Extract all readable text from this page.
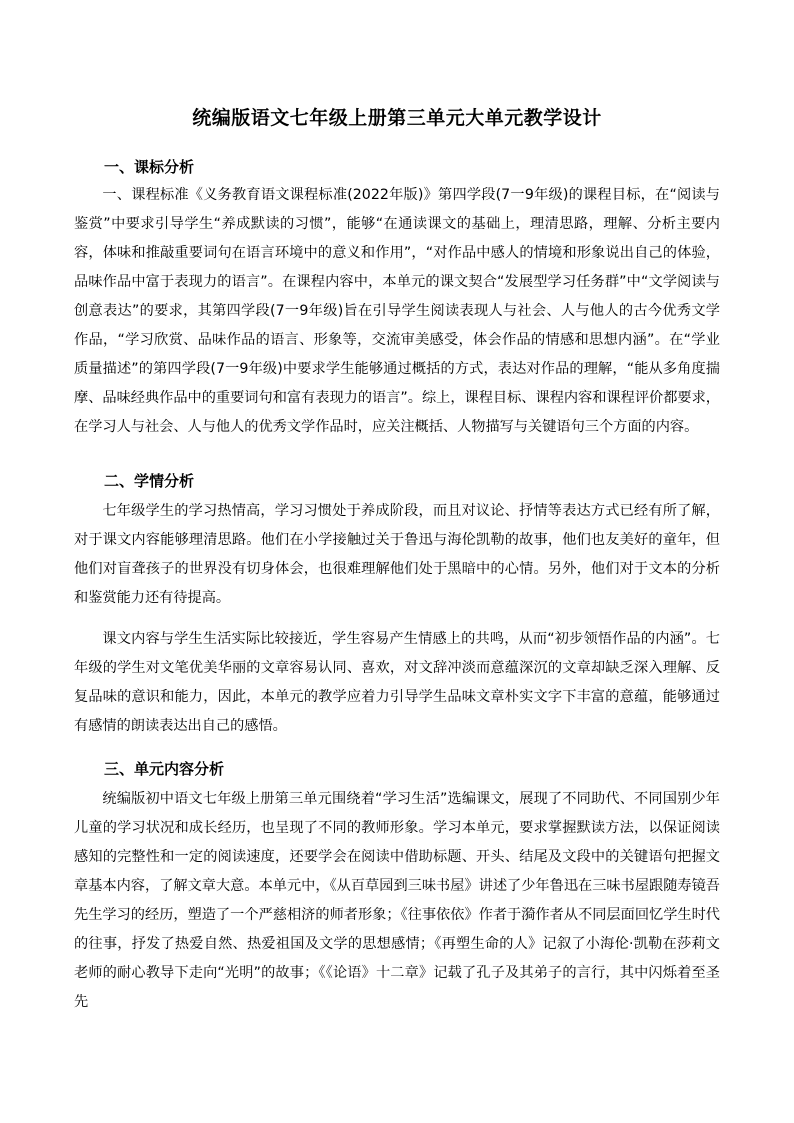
统编版语文七年级上册第三单元大单元教学设计
一、课标分析

一、课程标准《义务教育语文课程标准(2022年版)》第四学段(7一9年级)的课程目标，在“阅读与鉴赏”中要求引导学生“养成默读的习惯”，能够“在通读课文的基础上，理清思路，理解、分析主要内容，体味和推敲重要词句在语言环境中的意义和作用”，“对作品中感人的情境和形象说出自己的体验，品味作品中富于表现力的语言”。在课程内容中，本单元的课文契合“发展型学习任务群”中“文学阅读与创意表达”的要求，其第四学段(7一9年级)旨在引导学生阅读表现人与社会、人与他人的古今优秀文学作品，“学习欣赏、品味作品的语言、形象等，交流审美感受，体会作品的情感和思想内涵”。在“学业质量描述”的第四学段(7一9年级)中要求学生能够通过概括的方式，表达对作品的理解，“能从多角度揣摩、品味经典作品中的重要词句和富有表现力的语言”。综上，课程目标、课程内容和课程评价都要求，在学习人与社会、人与他人的优秀文学作品时，应关注概括、人物描写与关键语句三个方面的内容。

二、学情分析

七年级学生的学习热情高，学习习惯处于养成阶段，而且对议论、抒情等表达方式已经有所了解，对于课文内容能够理清思路。他们在小学接触过关于鲁迅与海伦凯勒的故事，他们也友美好的童年，但他们对盲聋孩子的世界没有切身体会，也很难理解他们处于黑暗中的心情。另外，他们对于文本的分析和鉴赏能力还有待提高。

课文内容与学生生活实际比较接近，学生容易产生情感上的共鸣，从而“初步领悟作品的内涵”。七年级的学生对文笔优美华丽的文章容易认同、喜欢，对文辞冲淡而意蕴深沉的文章却缺乏深入理解、反复品味的意识和能力，因此，本单元的教学应着力引导学生品味文章朴实文字下丰富的意蕴，能够通过有感情的朗读表达出自己的感悟。

三、单元内容分析

统编版初中语文七年级上册第三单元围绕着“学习生活”选编课文，展现了不同助代、不同国别少年儿童的学习状况和成长经历，也呈现了不同的教师形象。学习本单元，要求掌握默读方法，以保证阅读感知的完整性和一定的阅读速度，还要学会在阅读中借助标题、开头、结尾及文段中的关键语句把握文章基本内容，了解文章大意。本单元中，《从百草园到三味书屋》讲述了少年鲁迅在三味书屋跟随寿镜吾先生学习的经历，塑造了一个严慈相济的师者形象；《往事依依》作者于漪作者从不同层面回忆学生时代的往事，抒发了热爱自然、热爱祖国及文学的思想感情；《再塑生命的人》记叙了小海伦·凯勒在莎莉文老师的耐心教导下走向“光明”的故事；《《论语》十二章》记载了孔子及其弟子的言行，其中闪烁着至圣先
